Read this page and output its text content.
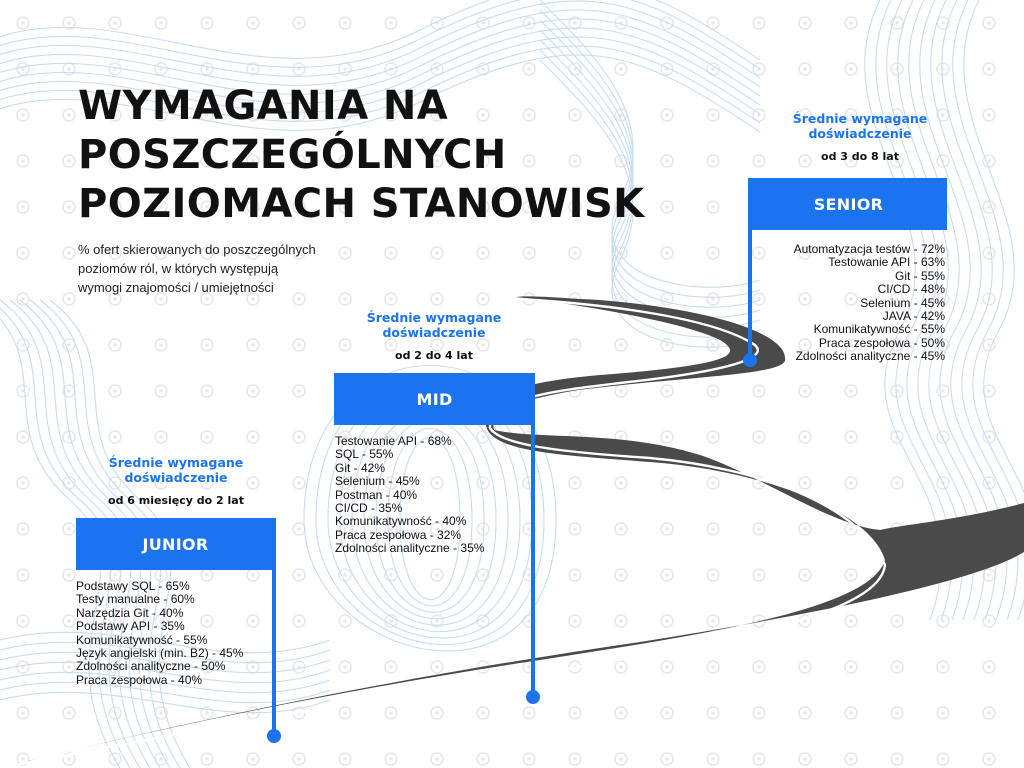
WYMAGANIA NA
POSZCZEGÓLNYCH
POZIOMACH STANOWISK
% ofert skierowanych do poszczególnych
poziomów ról, w których występują
wymogi znajomości / umiejętności
Średnie wymagane
doświadczenie
od 3 do 8 lat
SENIOR
Automatyzacja testów - 72%
Testowanie API - 63%
Git - 55%
CI/CD - 48%
Selenium - 45%
JAVA - 42%
Komunikatywność - 55%
Praca zespołowa - 50%
Zdolności analityczne - 45%
Średnie wymagane
doświadczenie
od 2 do 4 lat
MID
Testowanie API - 68%
SQL - 55%
Git - 42%
Selenium - 45%
Postman - 40%
CI/CD - 35%
Komunikatywność - 40%
Praca zespołowa - 32%
Zdolności analityczne - 35%
Średnie wymagane
doświadczenie
od 6 miesięcy do 2 lat
JUNIOR
Podstawy SQL - 65%
Testy manualne - 60%
Narzędzia Git - 40%
Podstawy API - 35%
Komunikatywność - 55%
Język angielski (min. B2) - 45%
Zdolności analityczne - 50%
Praca zespołowa - 40%	testerzy.pl
